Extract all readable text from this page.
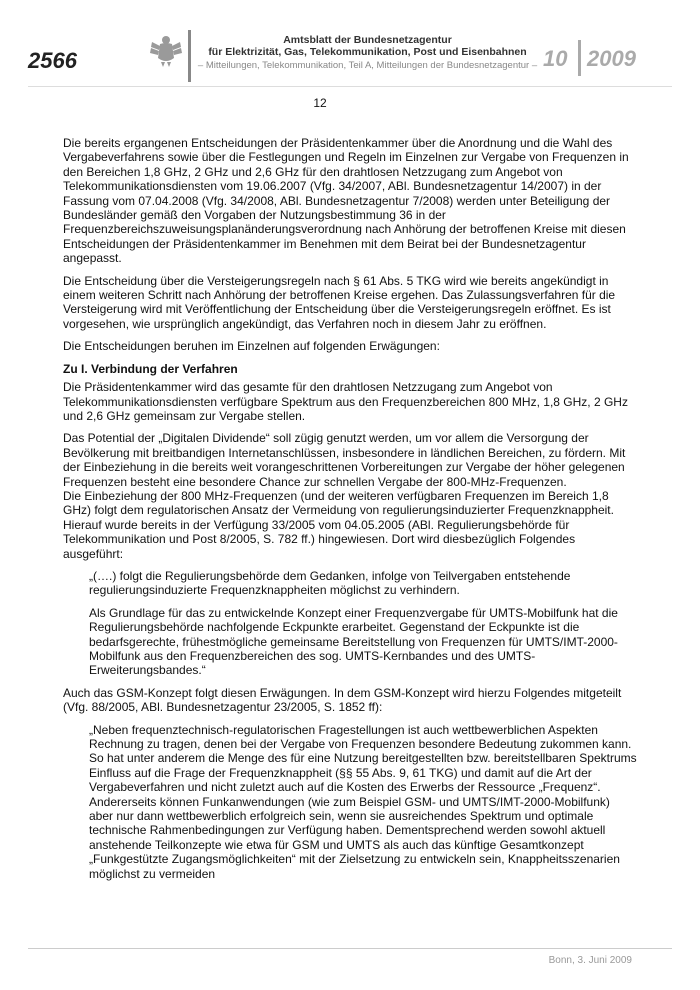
2566
Amtsblatt der Bundesnetzagentur
für Elektrizität, Gas, Telekommunikation, Post und Eisenbahnen
– Mitteilungen, Telekommunikation, Teil A, Mitteilungen der Bundesnetzagentur – 10 2009
12

Die bereits ergangenen Entscheidungen der Präsidentenkammer über die Anordnung und die Wahl des Vergabeverfahrens sowie über die Festlegungen und Regeln im Einzelnen zur Vergabe von Frequenzen in den Bereichen 1,8 GHz, 2 GHz und 2,6 GHz für den drahtlosen Netzzugang zum Angebot von Telekommunikationsdiensten vom 19.06.2007 (Vfg. 34/2007, ABl. Bundesnetzagentur 14/2007) in der Fassung vom 07.04.2008 (Vfg. 34/2008, ABl. Bundesnetzagentur 7/2008) werden unter Beteiligung der Bundesländer gemäß den Vorgaben der Nutzungsbestimmung 36 in der Frequenzbereichszuweisungsplanänderungsverordnung nach Anhörung der betroffenen Kreise mit diesen Entscheidungen der Präsidentenkammer im Benehmen mit dem Beirat bei der Bundesnetzagentur angepasst.

Die Entscheidung über die Versteigerungsregeln nach § 61 Abs. 5 TKG wird wie bereits angekündigt in einem weiteren Schritt nach Anhörung der betroffenen Kreise ergehen. Das Zulassungsverfahren für die Versteigerung wird mit Veröffentlichung der Entscheidung über die Versteigerungsregeln eröffnet. Es ist vorgesehen, wie ursprünglich angekündigt, das Verfahren noch in diesem Jahr zu eröffnen.

Die Entscheidungen beruhen im Einzelnen auf folgenden Erwägungen:

Zu I. Verbindung der Verfahren

Die Präsidentenkammer wird das gesamte für den drahtlosen Netzzugang zum Angebot von Telekommunikationsdiensten verfügbare Spektrum aus den Frequenzbereichen 800 MHz, 1,8 GHz, 2 GHz und 2,6 GHz gemeinsam zur Vergabe stellen.

Das Potential der „Digitalen Dividende“ soll zügig genutzt werden, um vor allem die Versorgung der Bevölkerung mit breitbandigen Internetanschlüssen, insbesondere in ländlichen Bereichen, zu fördern. Mit der Einbeziehung in die bereits weit vorangeschrittenen Vorbereitungen zur Vergabe der höher gelegenen Frequenzen besteht eine besondere Chance zur schnellen Vergabe der 800-MHz-Frequenzen.

Die Einbeziehung der 800 MHz-Frequenzen (und der weiteren verfügbaren Frequenzen im Bereich 1,8 GHz) folgt dem regulatorischen Ansatz der Vermeidung von regulierungsinduzierter Frequenzknappheit. Hierauf wurde bereits in der Verfügung 33/2005 vom 04.05.2005 (ABl. Regulierungsbehörde für Telekommunikation und Post 8/2005, S. 782 ff.) hingewiesen. Dort wird diesbezüglich Folgendes ausgeführt:

„(….) folgt die Regulierungsbehörde dem Gedanken, infolge von Teilvergaben entstehende regulierungsinduzierte Frequenzknappheiten möglichst zu verhindern.

Als Grundlage für das zu entwickelnde Konzept einer Frequenzvergabe für UMTS-Mobilfunk hat die Regulierungsbehörde nachfolgende Eckpunkte erarbeitet. Gegenstand der Eckpunkte ist die bedarfsgerechte, frühestmögliche gemeinsame Bereitstellung von Frequenzen für UMTS/IMT-2000-Mobilfunk aus den Frequenzbereichen des sog. UMTS-Kernbandes und des UMTS-Erweiterungsbandes.“

Auch das GSM-Konzept folgt diesen Erwägungen. In dem GSM-Konzept wird hierzu Folgendes mitgeteilt (Vfg. 88/2005, ABl. Bundesnetzagentur 23/2005, S. 1852 ff):

„Neben frequenztechnisch-regulatorischen Fragestellungen ist auch wettbewerblichen Aspekten Rechnung zu tragen, denen bei der Vergabe von Frequenzen besondere Bedeutung zukommen kann. So hat unter anderem die Menge des für eine Nutzung bereitgestellten bzw. bereitstellbaren Spektrums Einfluss auf die Frage der Frequenzknappheit (§§ 55 Abs. 9, 61 TKG) und damit auf die Art der Vergabeverfahren und nicht zuletzt auch auf die Kosten des Erwerbs der Ressource „Frequenz“. Andererseits können Funkanwendungen (wie zum Beispiel GSM- und UMTS/IMT-2000-Mobilfunk) aber nur dann wettbewerblich erfolgreich sein, wenn sie ausreichendes Spektrum und optimale technische Rahmenbedingungen zur Verfügung haben. Dementsprechend werden sowohl aktuell anstehende Teilkonzepte wie etwa für GSM und UMTS als auch das künftige Gesamtkonzept „Funkgestützte Zugangsmöglichkeiten“ mit der Zielsetzung zu entwickeln sein, Knappheitsszenarien möglichst zu vermeiden

Bonn, 3. Juni 2009
